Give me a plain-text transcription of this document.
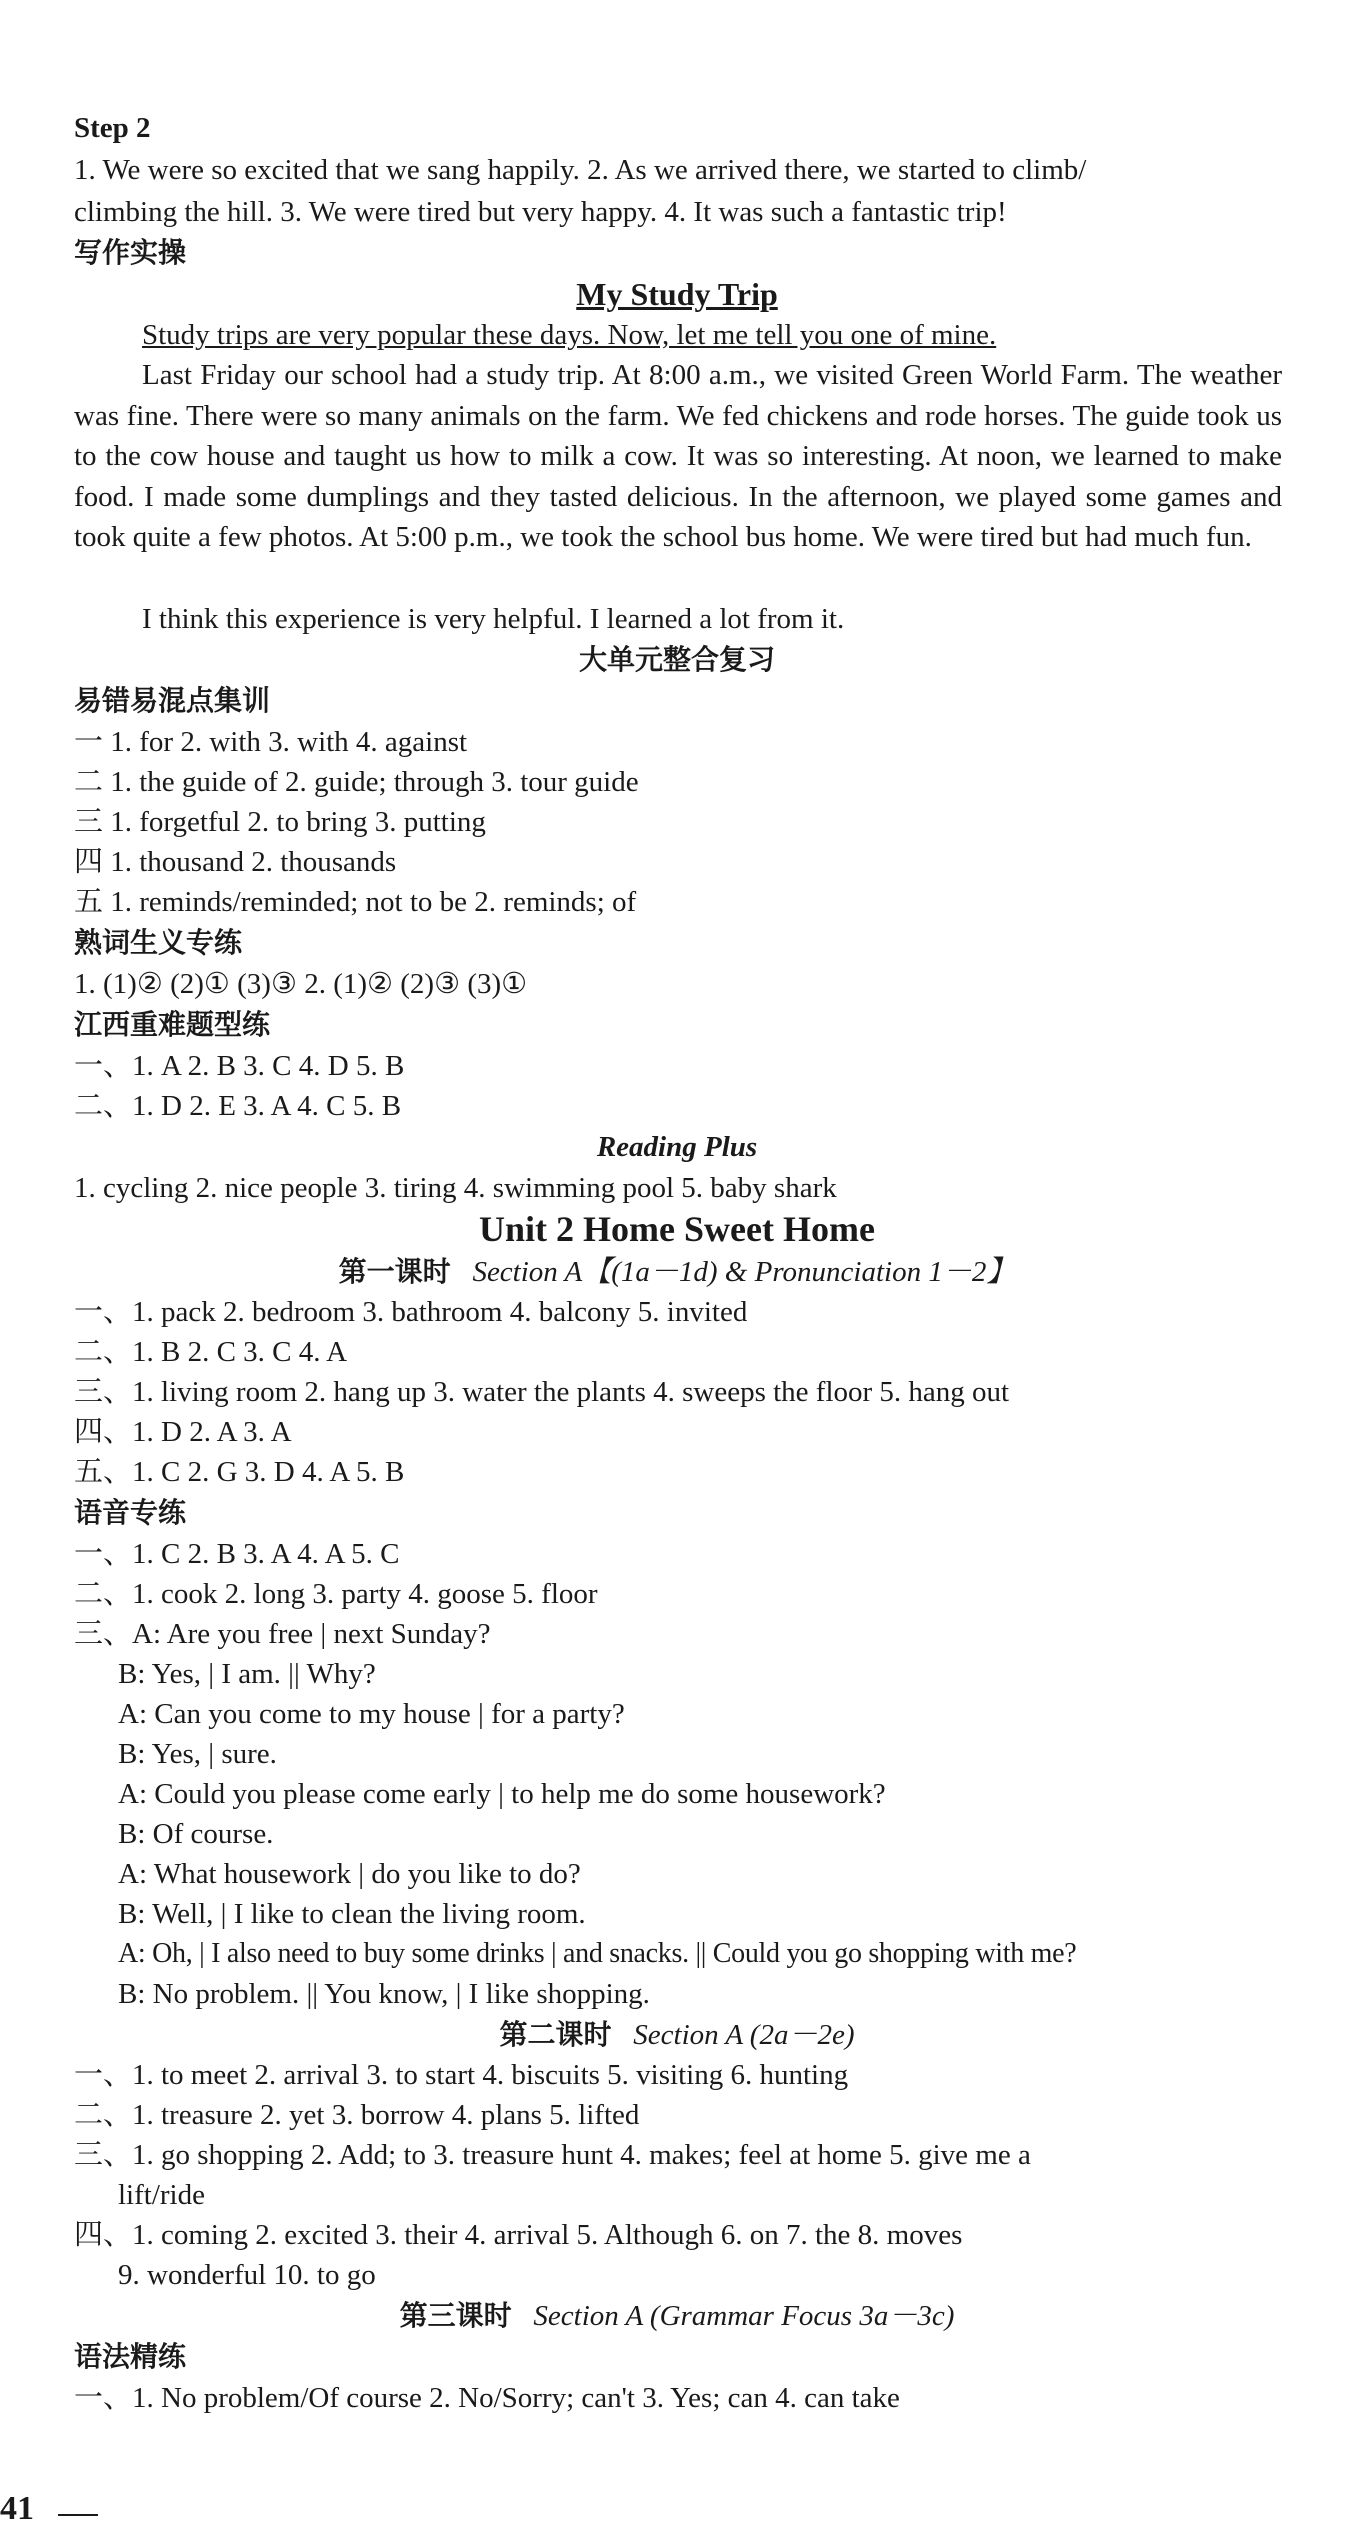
Step 2
1. We were so excited that we sang happily. 2. As we arrived there, we started to climb/
climbing the hill. 3. We were tired but very happy. 4. It was such a fantastic trip!
写作实操
My Study Trip
Study trips are very popular these days. Now, let me tell you one of mine.
Last Friday our school had a study trip. At 8:00 a.m., we visited Green World Farm. The weather was fine. There were so many animals on the farm. We fed chickens and rode horses. The guide took us to the cow house and taught us how to milk a cow. It was so interesting. At noon, we learned to make food. I made some dumplings and they tasted delicious. In the afternoon, we played some games and took quite a few photos. At 5:00 p.m., we took the school bus home. We were tired but had much fun.
I think this experience is very helpful. I learned a lot from it.
大单元整合复习
易错易混点集训
一 1. for 2. with 3. with 4. against
二 1. the guide of 2. guide; through 3. tour guide
三 1. forgetful 2. to bring 3. putting
四 1. thousand 2. thousands
五 1. reminds/reminded; not to be 2. reminds; of
熟词生义专练
1. (1)② (2)① (3)③ 2. (1)② (2)③ (3)①
江西重难题型练
一、1. A 2. B 3. C 4. D 5. B
二、1. D 2. E 3. A 4. C 5. B
Reading Plus
1. cycling 2. nice people 3. tiring 4. swimming pool 5. baby shark
Unit 2 Home Sweet Home
第一课时 Section A【(1a－1d) & Pronunciation 1－2】
一、1. pack 2. bedroom 3. bathroom 4. balcony 5. invited
二、1. B 2. C 3. C 4. A
三、1. living room 2. hang up 3. water the plants 4. sweeps the floor 5. hang out
四、1. D 2. A 3. A
五、1. C 2. G 3. D 4. A 5. B
语音专练
一、1. C 2. B 3. A 4. A 5. C
二、1. cook 2. long 3. party 4. goose 5. floor
三、A: Are you free | next Sunday?
B: Yes, | I am. || Why?
A: Can you come to my house | for a party?
B: Yes, | sure.
A: Could you please come early | to help me do some housework?
B: Of course.
A: What housework | do you like to do?
B: Well, | I like to clean the living room.
A: Oh, | I also need to buy some drinks | and snacks. || Could you go shopping with me?
B: No problem. || You know, | I like shopping.
第二课时 Section A (2a－2e)
一、1. to meet 2. arrival 3. to start 4. biscuits 5. visiting 6. hunting
二、1. treasure 2. yet 3. borrow 4. plans 5. lifted
三、1. go shopping 2. Add; to 3. treasure hunt 4. makes; feel at home 5. give me a
lift/ride
四、1. coming 2. excited 3. their 4. arrival 5. Although 6. on 7. the 8. moves
9. wonderful 10. to go
第三课时 Section A (Grammar Focus 3a－3c)
语法精练
一、1. No problem/Of course 2. No/Sorry; can't 3. Yes; can 4. can take
41
